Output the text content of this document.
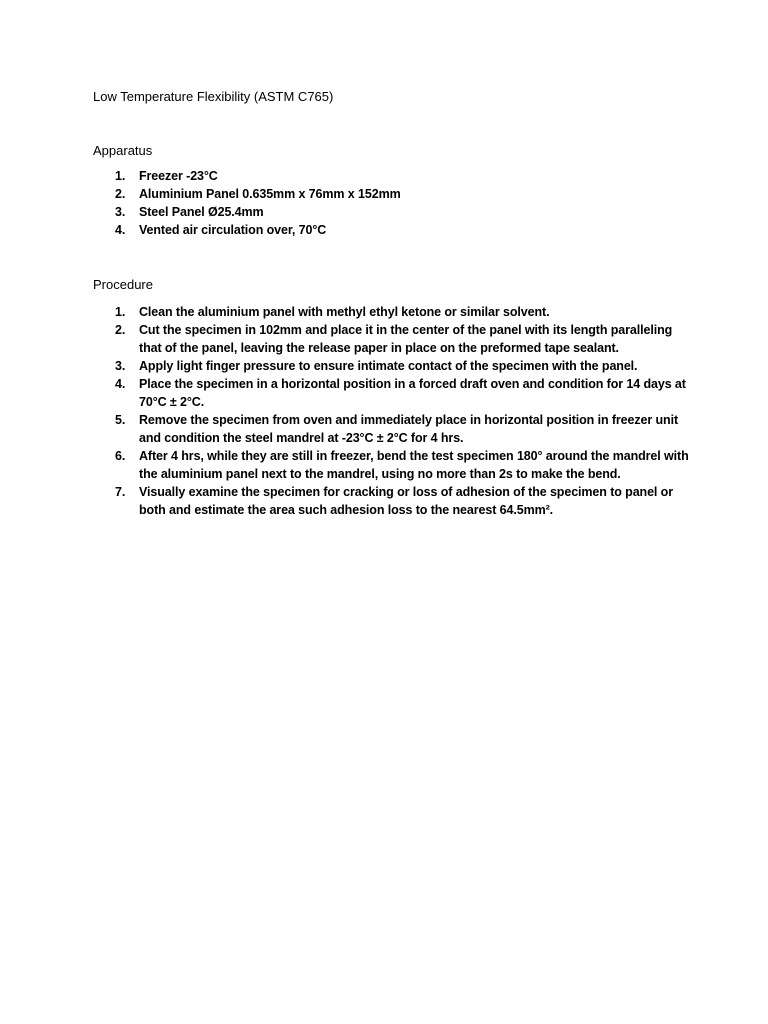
Low Temperature Flexibility (ASTM C765)
Apparatus
1. Freezer -23°C
2. Aluminium Panel 0.635mm x 76mm x 152mm
3. Steel Panel Ø25.4mm
4. Vented air circulation over, 70°C
Procedure
1. Clean the aluminium panel with methyl ethyl ketone or similar solvent.
2. Cut the specimen in 102mm and place it in the center of the panel with its length paralleling that of the panel, leaving the release paper in place on the preformed tape sealant.
3. Apply light finger pressure to ensure intimate contact of the specimen with the panel.
4. Place the specimen in a horizontal position in a forced draft oven and condition for 14 days at 70°C ± 2°C.
5. Remove the specimen from oven and immediately place in horizontal position in freezer unit and condition the steel mandrel at -23°C ± 2°C for 4 hrs.
6. After 4 hrs, while they are still in freezer, bend the test specimen 180° around the mandrel with the aluminium panel next to the mandrel, using no more than 2s to make the bend.
7. Visually examine the specimen for cracking or loss of adhesion of the specimen to panel or both and estimate the area such adhesion loss to the nearest 64.5mm².
